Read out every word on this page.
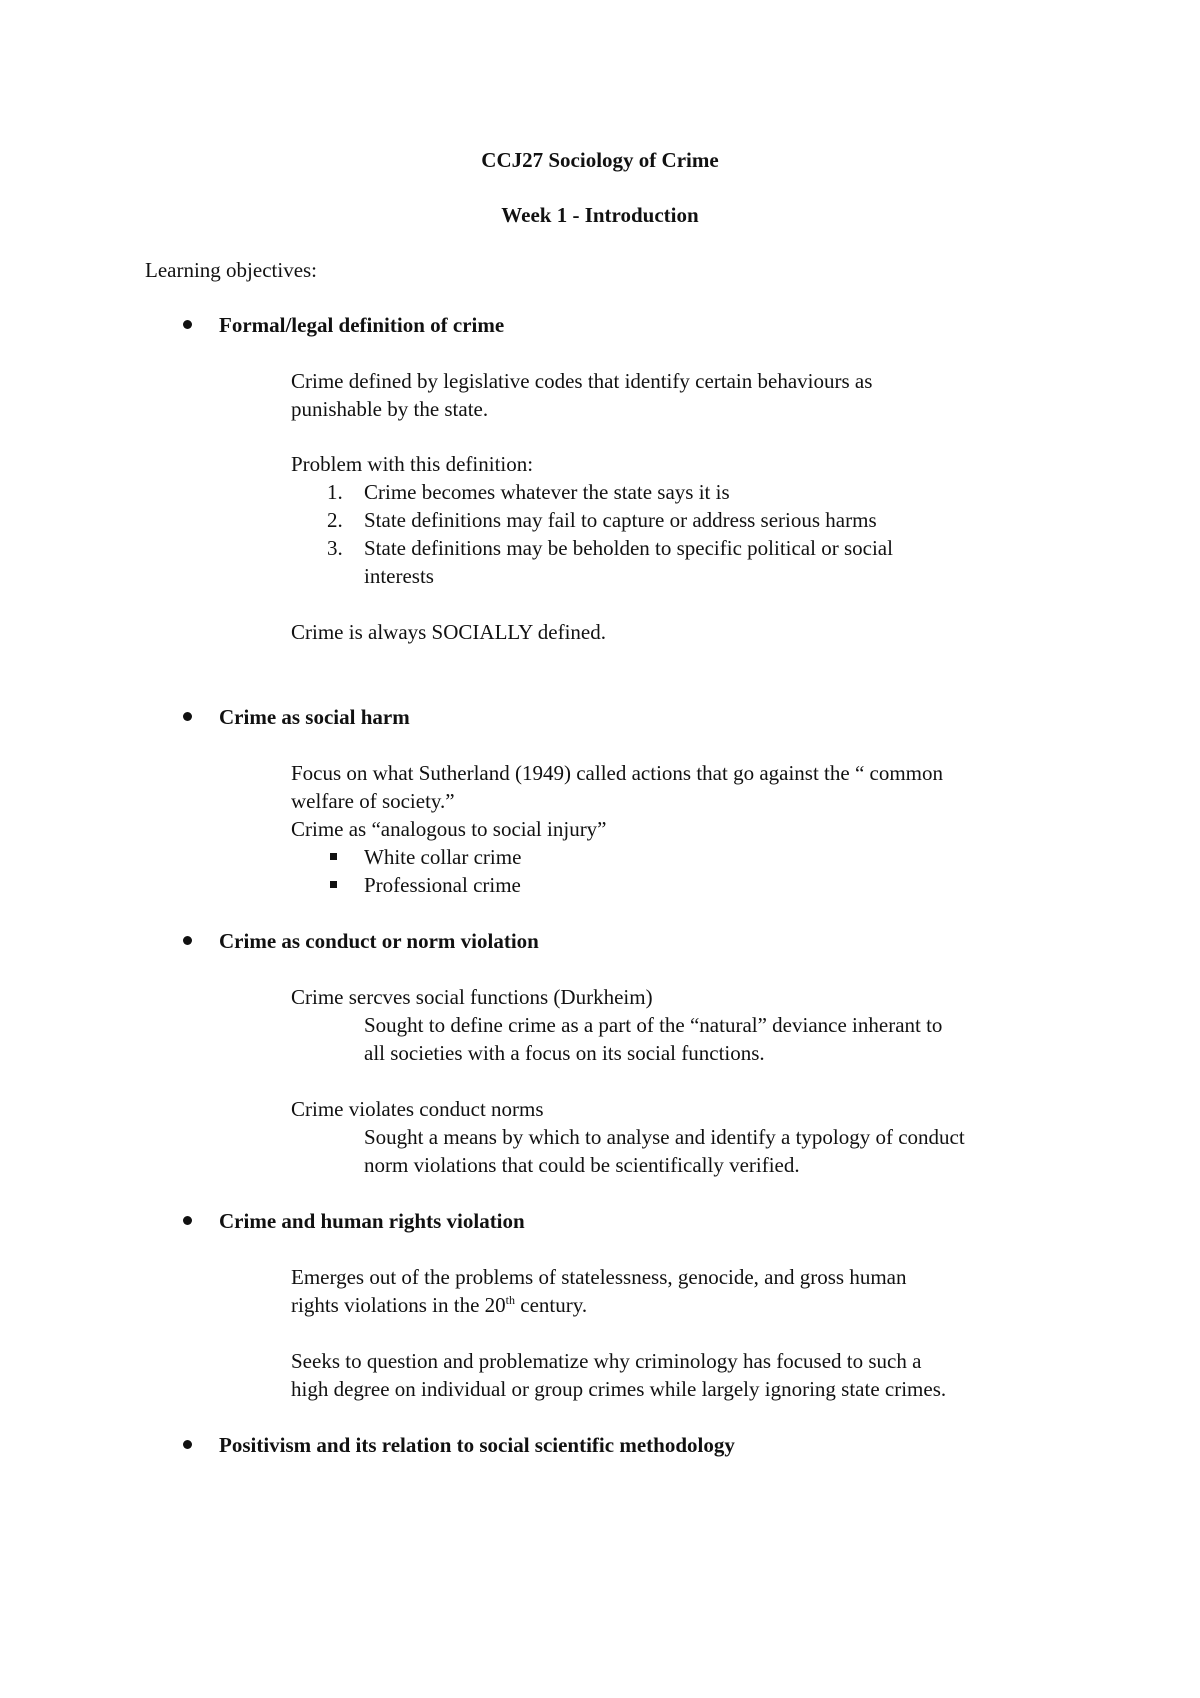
CCJ27 Sociology of Crime
Week 1 - Introduction
Learning objectives:
Formal/legal definition of crime
Crime defined by legislative codes that identify certain behaviours as
punishable by the state.
Problem with this definition:
1. Crime becomes whatever the state says it is
2. State definitions may fail to capture or address serious harms
3. State definitions may be beholden to specific political or social
interests
Crime is always SOCIALLY defined.
Crime as social harm
Focus on what Sutherland (1949) called actions that go against the “ common
welfare of society.”
Crime as “analogous to social injury”
White collar crime
Professional crime
Crime as conduct or norm violation
Crime sercves social functions (Durkheim)
Sought to define crime as a part of the “natural” deviance inherant to
all societies with a focus on its social functions.
Crime violates conduct norms
Sought a means by which to analyse and identify a typology of conduct
norm violations that could be scientifically verified.
Crime and human rights violation
Emerges out of the problems of statelessness, genocide, and gross human
rights violations in the 20th century.
Seeks to question and problematize why criminology has focused to such a
high degree on individual or group crimes while largely ignoring state crimes.
Positivism and its relation to social scientific methodology
